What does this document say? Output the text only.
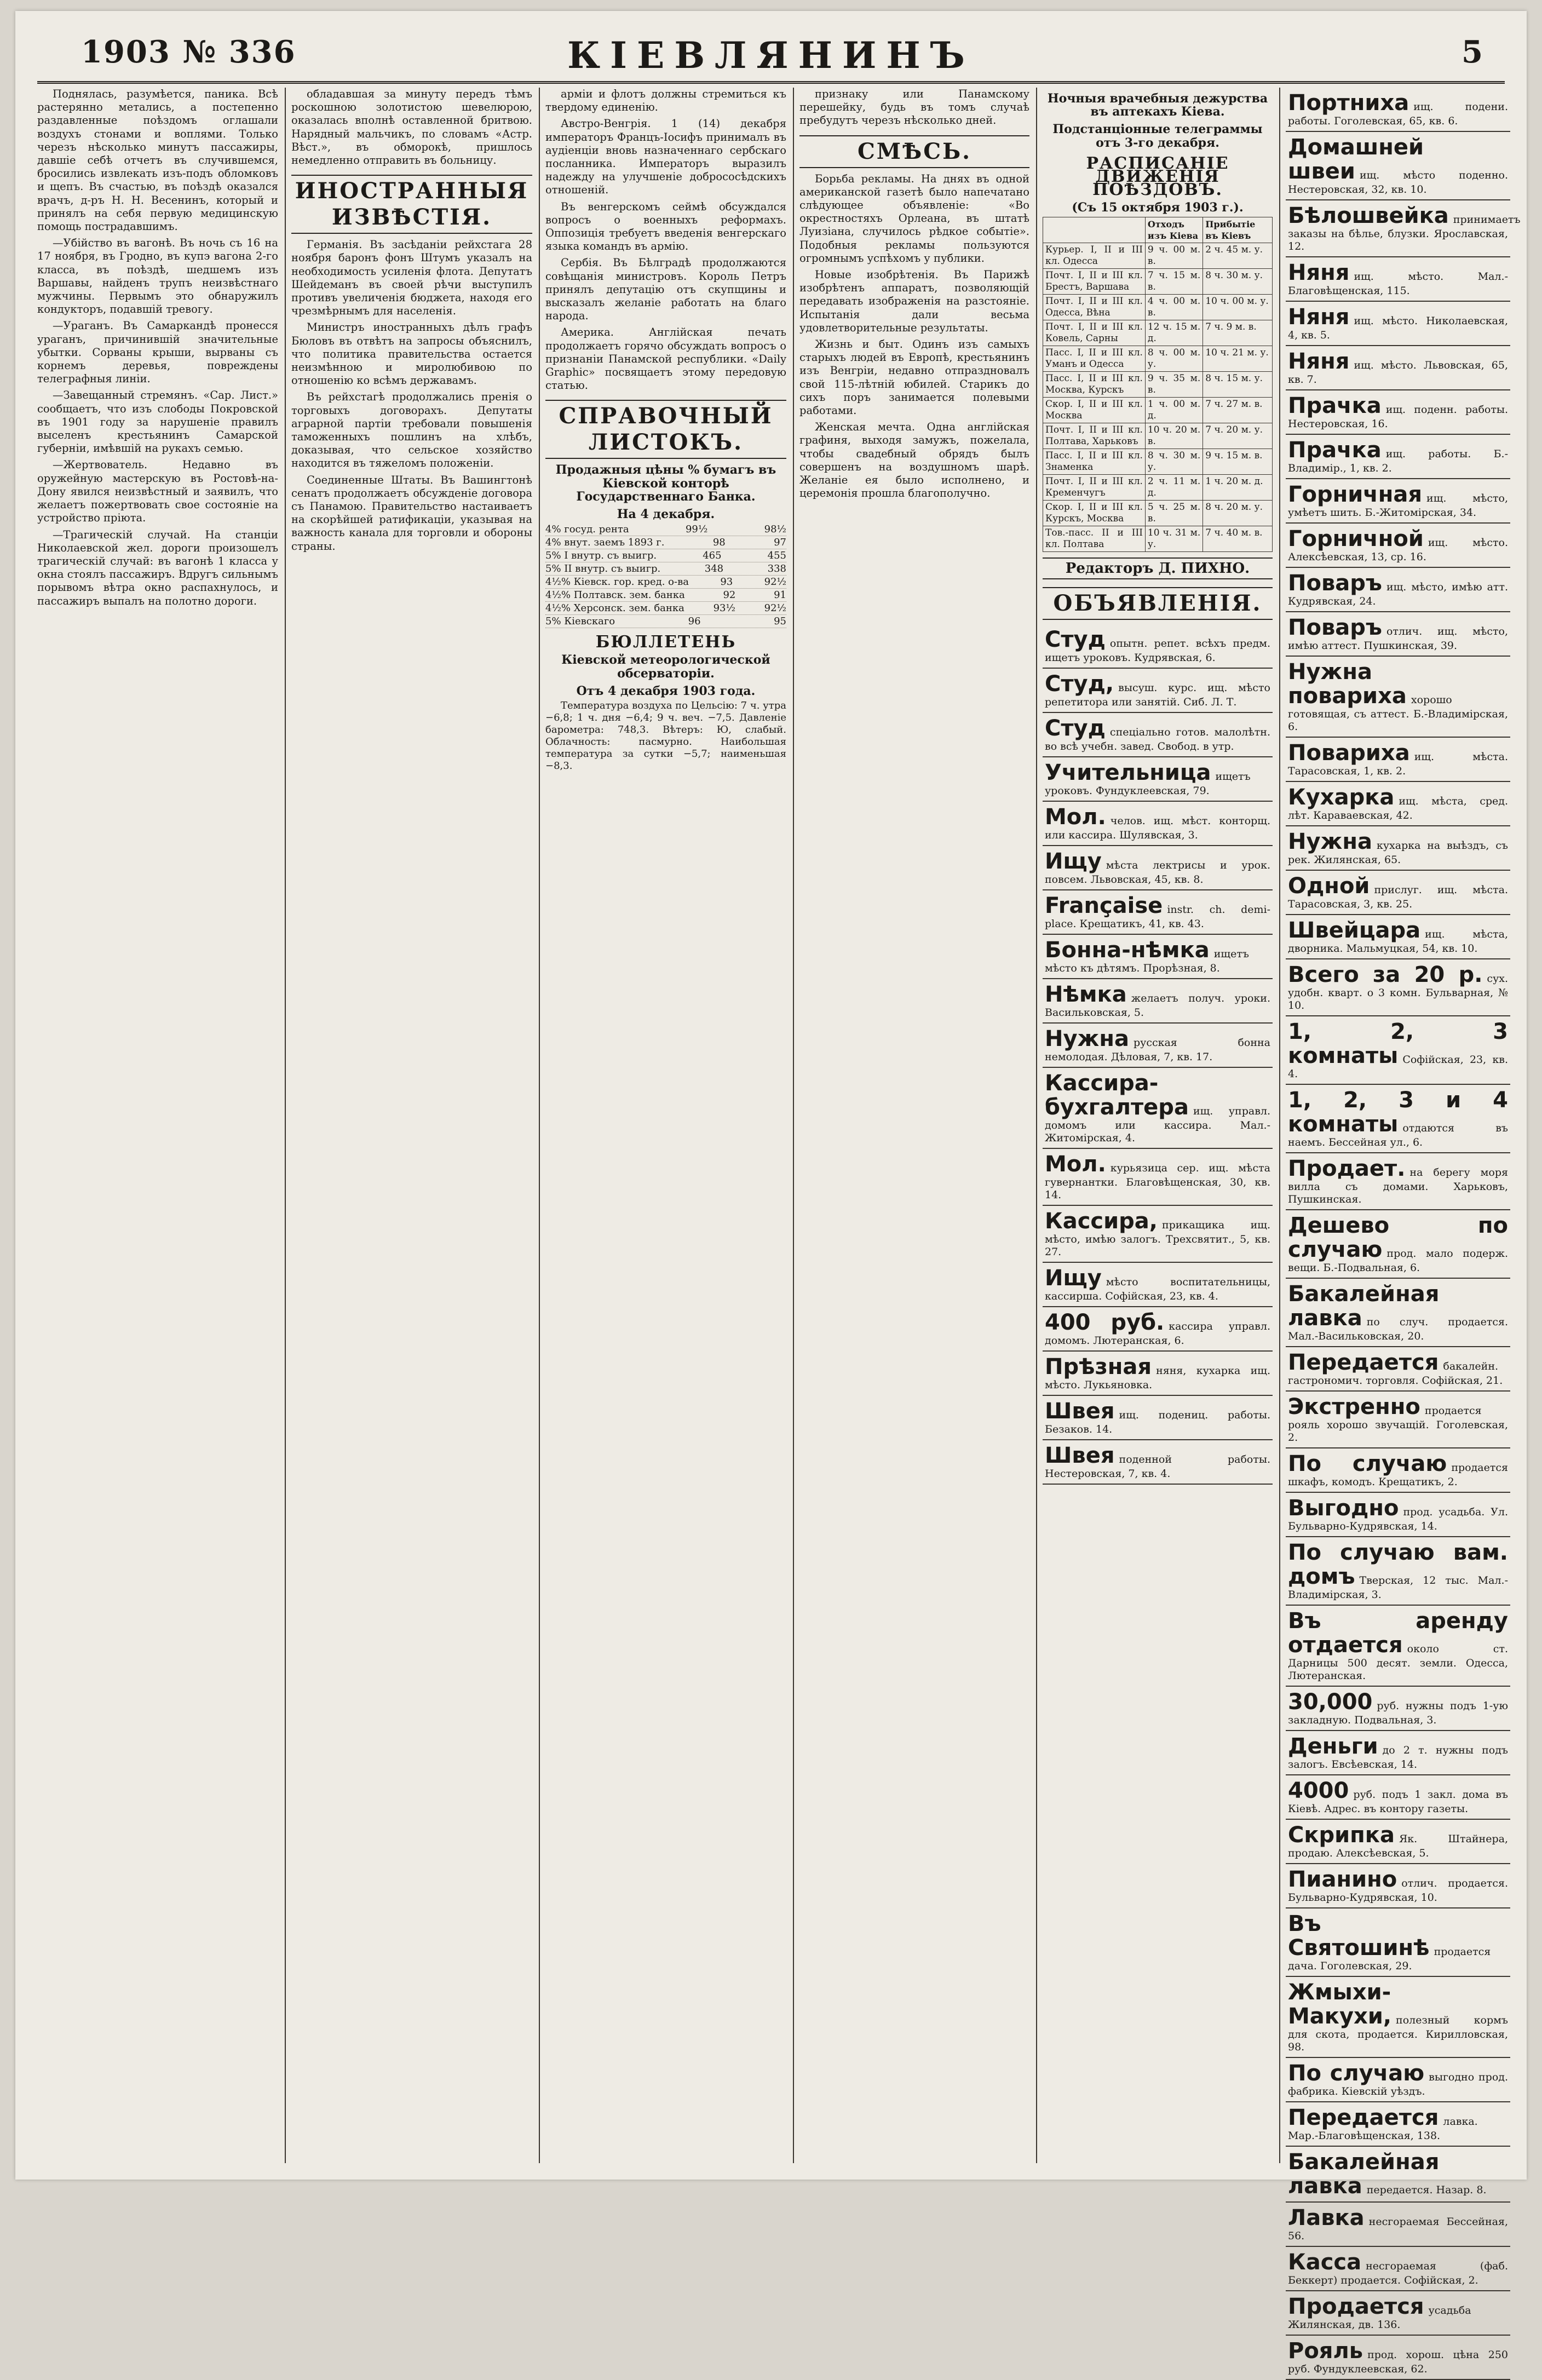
1903 № 336	КІЕВЛЯНИНЪ	5

Поднялась, разумѣется, паника. Всѣ растерянно метались, а постепенно раздавленные поѣздомъ оглашали воздухъ стонами и воплями. Только черезъ нѣсколько минутъ пассажиры, давшіе себѣ отчетъ въ случившемся, бросились извлекать изъ-подъ обломковъ и щепъ. Въ счастью, въ поѣздѣ оказался врачъ, д-ръ Н. Н. Весенинъ, который и принялъ на себя первую медицинскую помощь пострадавшимъ.

—Убійство въ вагонѣ. Въ ночь съ 16 на 17 ноября, въ Гродно, въ купэ вагона 2-го класса, въ поѣздѣ, шедшемъ изъ Варшавы, найденъ трупъ неизвѣстнаго мужчины. Первымъ это обнаружилъ кондукторъ, подавшій тревогу.

—Ураганъ. Въ Самаркандѣ пронесся ураганъ, причинившій значительные убытки. Сорваны крыши, вырваны съ корнемъ деревья, повреждены телеграфныя линіи.

—Завещанный стремянъ. «Сар. Лист.» сообщаетъ, что изъ слободы Покровской въ 1901 году за нарушеніе правилъ выселенъ крестьянинъ Самарской губерніи, имѣвшій на рукахъ семью.

—Жертвователь. Недавно въ оружейную мастерскую въ Ростовѣ-на-Дону явился неизвѣстный и заявилъ, что желаетъ пожертвовать свое состояніе на устройство пріюта.

—Трагическій случай. На станціи Николаевской жел. дороги произошелъ трагическій случай: въ вагонѣ 1 класса у окна стоялъ пассажиръ. Вдругъ сильнымъ порывомъ вѣтра окно распахнулось, и пассажиръ выпалъ на полотно дороги.

обладавшая за минуту передъ тѣмъ роскошною золотистою шевелюрою, оказалась вполнѣ оставленной бритвою. Нарядный мальчикъ, по словамъ «Астр. Вѣст.», въ обморокѣ, пришлось немедленно отправить въ больницу.

ИНОСТРАННЫЯ ИЗВѢСТІЯ.

Германія. Въ засѣданіи рейхстага 28 ноября баронъ фонъ Штумъ указалъ на необходимость усиленія флота. Депутатъ Шейдеманъ въ своей рѣчи выступилъ противъ увеличенія бюджета, находя его чрезмѣрнымъ для населенія.

Министръ иностранныхъ дѣлъ графъ Бюловъ въ отвѣтъ на запросы объяснилъ, что политика правительства остается неизмѣнною и миролюбивою по отношенію ко всѣмъ державамъ.

Въ рейхстагѣ продолжались пренія о торговыхъ договорахъ. Депутаты аграрной партіи требовали повышенія таможенныхъ пошлинъ на хлѣбъ, доказывая, что сельское хозяйство находится въ тяжеломъ положеніи.

Соединенные Штаты. Въ Вашингтонѣ сенатъ продолжаетъ обсужденіе договора съ Панамою. Правительство настаиваетъ на скорѣйшей ратификаціи, указывая на важность канала для торговли и обороны страны.

арміи и флотъ должны стремиться къ твердому единенію.

Австро-Венгрія. 1 (14) декабря императоръ Францъ-Іосифъ принималъ въ аудіенціи вновь назначеннаго сербскаго посланника. Императоръ выразилъ надежду на улучшеніе добрососѣдскихъ отношеній.

Въ венгерскомъ сеймѣ обсуждался вопросъ о военныхъ реформахъ. Оппозиція требуетъ введенія венгерскаго языка командъ въ армію.

Сербія. Въ Бѣлградѣ продолжаются совѣщанія министровъ. Король Петръ принялъ депутацію отъ скупщины и высказалъ желаніе работать на благо народа.

Америка. Англійская печать продолжаетъ горячо обсуждать вопросъ о признаніи Панамской республики. «Daily Graphic» посвящаетъ этому передовую статью.

СПРАВОЧНЫЙ ЛИСТОКЪ.
Продажныя цѣны % бумагъ въ Кіевской конторѣ Государственнаго Банка.
На 4 декабря.
4% госуд. рента	99½	98½
4% внут. заемъ 1893 г.	98	97
5% I внутр. съ выигр.	465	455
5% II внутр. съ выигр.	348	338
4½% Кіевск. гор. кред. о-ва	93	92½
4½% Полтавск. зем. банка	92	91
4½% Херсонск. зем. банка	93½	92½
5% Кіевскаго	96	95
БЮЛЛЕТЕНЬ
Кіевской метеорологической обсерваторіи.
Отъ 4 декабря 1903 года.

Температура воздуха по Цельсію: 7 ч. утра −6,8; 1 ч. дня −6,4; 9 ч. веч. −7,5. Давленіе барометра: 748,3. Вѣтеръ: Ю, слабый. Облачность: пасмурно. Наибольшая температура за сутки −5,7; наименьшая −8,3.

признаку или Панамскому перешейку, будь въ томъ случаѣ пребудутъ черезъ нѣсколько дней.

СМѢСЬ.

Борьба рекламы. На днях въ одной американской газетѣ было напечатано слѣдующее объявленіе: «Во окрестностяхъ Орлеана, въ штатѣ Луизіана, случилось рѣдкое событіе». Подобныя рекламы пользуются огромнымъ успѣхомъ у публики.

Новые изобрѣтенія. Въ Парижѣ изобрѣтенъ аппаратъ, позволяющій передавать изображенія на разстояніе. Испытанія дали весьма удовлетворительные результаты.

Жизнь и быт. Одинъ изъ самыхъ старыхъ людей въ Европѣ, крестьянинъ изъ Венгріи, недавно отпраздновалъ свой 115-лѣтній юбилей. Старикъ до сихъ поръ занимается полевыми работами.

Женская мечта. Одна англійская графиня, выходя замужъ, пожелала, чтобы свадебный обрядъ былъ совершенъ на воздушномъ шарѣ. Желаніе ея было исполнено, и церемонія прошла благополучно.

Ночныя врачебныя дежурства въ аптекахъ Кіева.
Подстанціонные телеграммы отъ 3-го декабря.
РАСПИСАНІЕ ДВИЖЕНІЯ ПОѢЗДОВЪ.
(Съ 15 октября 1903 г.).
	Отходъ изъ Кіева	Прибытіе въ Кіевъ
Курьер. I, II и III кл. Одесса	9 ч. 00 м. в.	2 ч. 45 м. у.
Почт. I, II и III кл. Брестъ, Варшава	7 ч. 15 м. в.	8 ч. 30 м. у.
Почт. I, II и III кл. Одесса, Вѣна	4 ч. 00 м. в.	10 ч. 00 м. у.
Почт. I, II и III кл. Ковель, Сарны	12 ч. 15 м. д.	7 ч. 9 м. в.
Пасс. I, II и III кл. Уманъ и Одесса	8 ч. 00 м. у.	10 ч. 21 м. у.
Пасс. I, II и III кл. Москва, Курскъ	9 ч. 35 м. в.	8 ч. 15 м. у.
Скор. I, II и III кл. Москва	1 ч. 00 м. д.	7 ч. 27 м. в.
Почт. I, II и III кл. Полтава, Харьковъ	10 ч. 20 м. в.	7 ч. 20 м. у.
Пасс. I, II и III кл. Знаменка	8 ч. 30 м. у.	9 ч. 15 м. в.
Почт. I, II и III кл. Кременчугъ	2 ч. 11 м. д.	1 ч. 20 м. д.
Скор. I, II и III кл. Курскъ, Москва	5 ч. 25 м. в.	8 ч. 20 м. у.
Тов.-пасс. II и III кл. Полтава	10 ч. 31 м. у.	7 ч. 40 м. в.
Редакторъ Д. ПИХНО.
ОБЪЯВЛЕНІЯ.
Студ опытн. репет. всѣхъ предм. ищетъ уроковъ. Кудрявская, 6.
Студ, высуш. курс. ищ. мѣсто репетитора или занятій. Сиб. Л. Т.
Студ спеціально готов. малолѣтн. во всѣ учебн. завед. Свобод. в утр.
Учительница ищетъ уроковъ. Фундуклеевская, 79.
Мол. челов. ищ. мѣст. конторщ. или кассира. Шулявская, 3.
Ищу мѣста лектрисы и урок. повсем. Львовская, 45, кв. 8.
Française instr. ch. demi-place. Крещатикъ, 41, кв. 43.
Бонна-нѣмка ищетъ мѣсто къ дѣтямъ. Прорѣзная, 8.
Нѣмка желаетъ получ. уроки. Васильковская, 5.
Нужна русская бонна немолодая. Дѣловая, 7, кв. 17.
Кассира-бухгалтера ищ. управл. домомъ или кассира. Мал.-Житомірская, 4.
Мол. курьязица сер. ищ. мѣста гувернантки. Благовѣщенская, 30, кв. 14.
Кассира, прикащика ищ. мѣсто, имѣю залогъ. Трехсвятит., 5, кв. 27.
Ищу мѣсто воспитательницы, кассирша. Софійская, 23, кв. 4.
400 руб. кассира управл. домомъ. Лютеранская, 6.
Прѣзная няня, кухарка ищ. мѣсто. Лукьяновка.
Швея ищ. подениц. работы. Безаков. 14.
Швея поденной работы. Нестеровская, 7, кв. 4.
Портниха ищ. подени. работы. Гоголевская, 65, кв. 6.
Домашней швеи ищ. мѣсто поденно. Нестеровская, 32, кв. 10.
Бѣлошвейка принимаетъ заказы на бѣлье, блузки. Ярославская, 12.
Няня ищ. мѣсто. Мал.-Благовѣщенская, 115.
Няня ищ. мѣсто. Николаевская, 4, кв. 5.
Няня ищ. мѣсто. Львовская, 65, кв. 7.
Прачка ищ. поденн. работы. Нестеровская, 16.
Прачка ищ. работы. Б.-Владимір., 1, кв. 2.
Горничная ищ. мѣсто, умѣетъ шить. Б.-Житомірская, 34.
Горничной ищ. мѣсто. Алексѣевская, 13, ср. 16.
Поваръ ищ. мѣсто, имѣю атт. Кудрявская, 24.
Поваръ отлич. ищ. мѣсто, имѣю аттест. Пушкинская, 39.
Нужна повариха хорошо готовящая, съ аттест. Б.-Владимірская, 6.
Повариха ищ. мѣста. Тарасовская, 1, кв. 2.
Кухарка ищ. мѣста, сред. лѣт. Караваевская, 42.
Нужна кухарка на выѣздъ, съ рек. Жилянская, 65.
Одной прислуг. ищ. мѣста. Тарасовская, 3, кв. 25.
Швейцара ищ. мѣста, дворника. Мальмуцкая, 54, кв. 10.
Всего за 20 р. сух. удобн. кварт. о 3 комн. Бульварная, № 10.
1, 2, 3 комнаты Софійская, 23, кв. 4.
1, 2, 3 и 4 комнаты отдаются въ наемъ. Бессейная ул., 6.
Продает. на берегу моря вилла съ домами. Харьковъ, Пушкинская.
Дешево по случаю прод. мало подерж. вещи. Б.-Подвальная, 6.
Бакалейная лавка по случ. продается. Мал.-Васильковская, 20.
Передается бакалейн. гастрономич. торговля. Софійская, 21.
Экстренно продается рояль хорошо звучащій. Гоголевская, 2.
По случаю продается шкафъ, комодъ. Крещатикъ, 2.
Выгодно прод. усадьба. Ул. Бульварно-Кудрявская, 14.
По случаю вам. домъ Тверская, 12 тыс. Мал.-Владимірская, 3.
Въ аренду отдается около ст. Дарницы 500 десят. земли. Одесса, Лютеранская.
30,000 руб. нужны подъ 1-ую закладную. Подвальная, 3.
Деньги до 2 т. нужны подъ залогъ. Евсѣевская, 14.
4000 руб. подъ 1 закл. дома въ Кіевѣ. Адрес. въ контору газеты.
Скрипка Як. Штайнера, продаю. Алексѣевская, 5.
Пианино отлич. продается. Бульварно-Кудрявская, 10.
Въ Святошинѣ продается дача. Гоголевская, 29.
Жмыхи-Макухи, полезный кормъ для скота, продается. Кирилловская, 98.
По случаю выгодно прод. фабрика. Кіевскій уѣздъ.
Передается лавка. Мар.-Благовѣщенская, 138.
Бакалейная лавка передается. Назар. 8.
Лавка несгораемая Бессейная, 56.
Касса несгораемая (фаб. Беккерт) продается. Софійская, 2.
Продается усадьба Жилянская, дв. 136.
Рояль прод. хорош. цѣна 250 руб. Фундуклеевская, 62.
